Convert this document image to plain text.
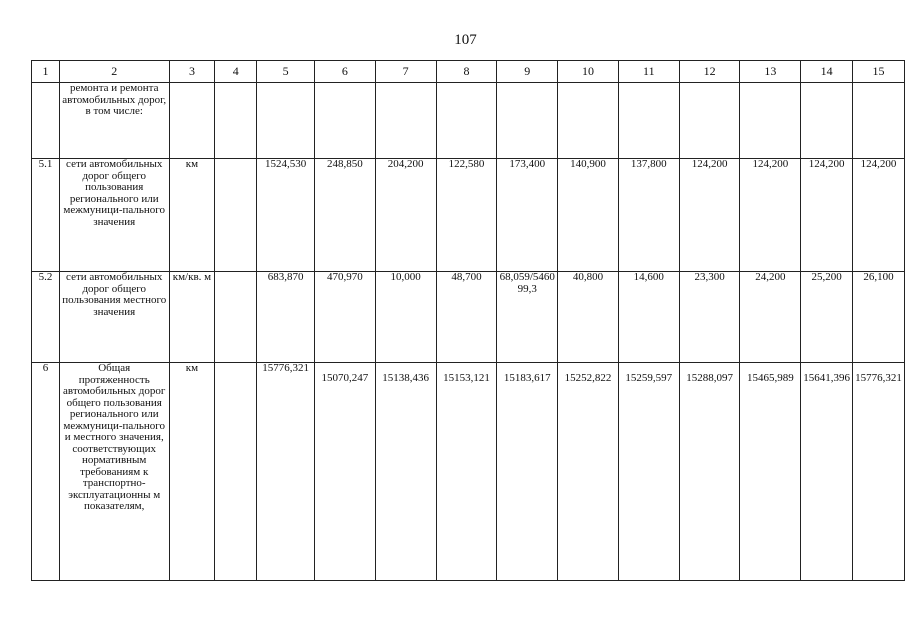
107
1	2	3	4	5	6	7	8	9	10	11	12	13	14	15
	ремонта и ремонта автомобильных дорог, в том числе:													
5.1	сети автомобильных дорог общего пользования регионального или межмуници-пального значения	км		1524,530	248,850	204,200	122,580	173,400	140,900	137,800	124,200	124,200	124,200	124,200
5.2	сети автомобильных дорог общего пользования местного значения	км/кв. м		683,870	470,970	10,000	48,700	68,059/546099,3	40,800	14,600	23,300	24,200	25,200	26,100
6	Общая протяженность автомобильных дорог общего пользования регионального или межмуници-пального и местного значения, соответствующих нормативным требованиям к транспортно-эксплуатационны м показателям,	км		15776,321	15070,247	15138,436	15153,121	15183,617	15252,822	15259,597	15288,097	15465,989	15641,396	15776,321
